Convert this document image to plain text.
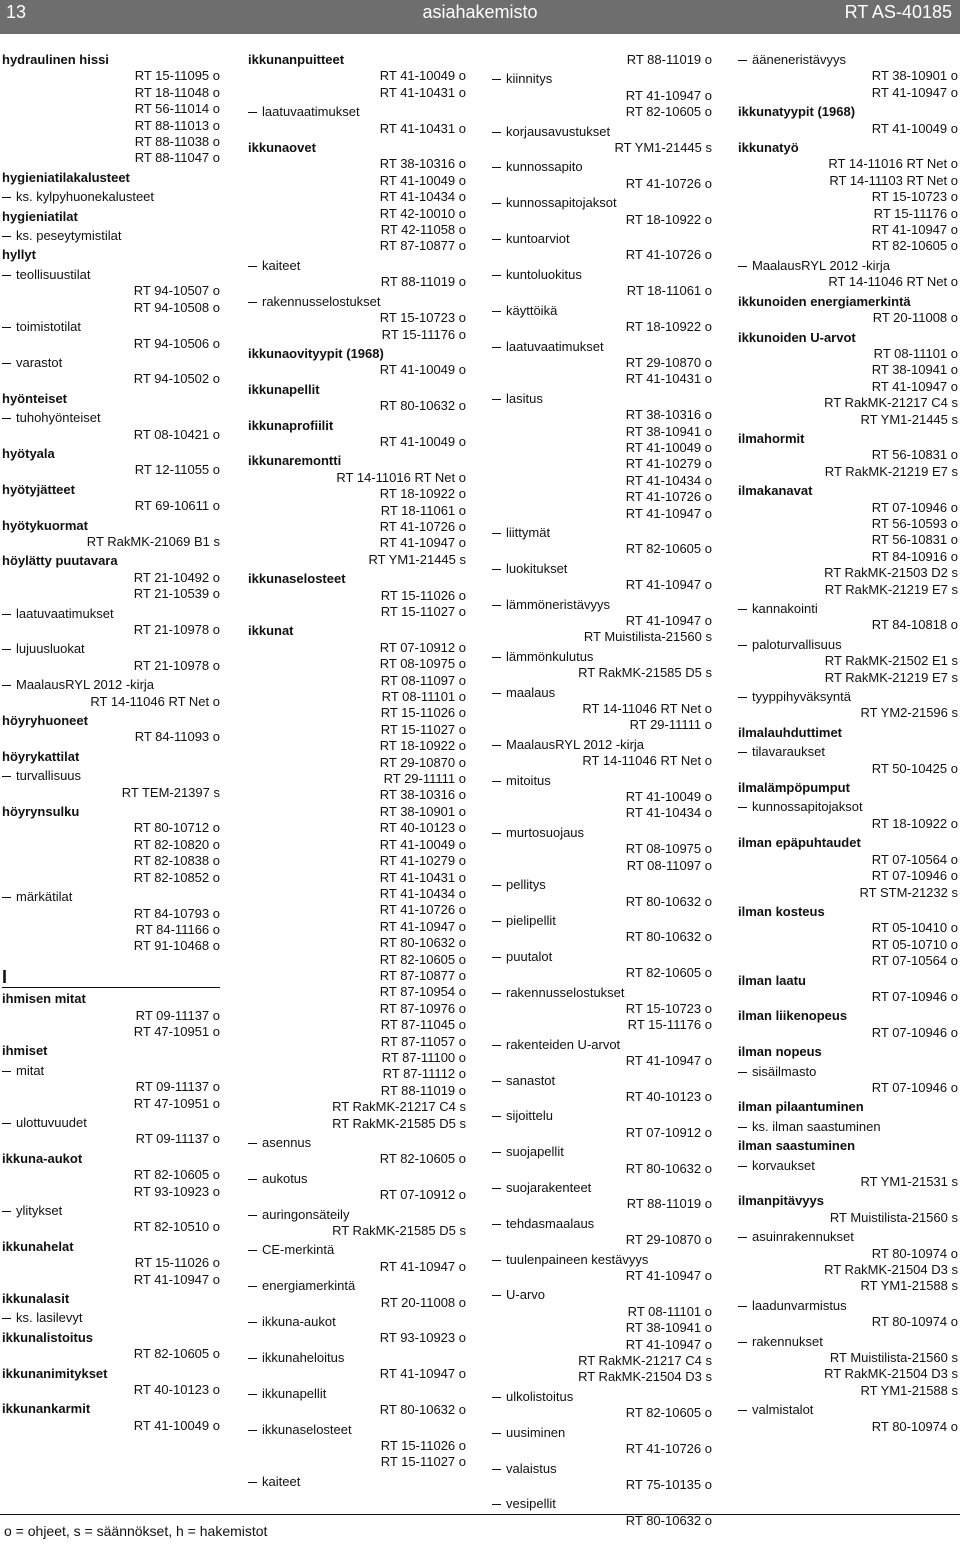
13	asiahakemisto	RT AS-40185
hydraulinen hissi
RT 15-11095 o
RT 18-11048 o
RT 56-11014 o
RT 88-11013 o
RT 88-11038 o
RT 88-11047 o
hygieniatilakalusteet
ks. kylpyhuonekalusteet
hygieniatilat
ks. peseytymistilat
hyllyt
teollisuustilat
RT 94-10507 o
RT 94-10508 o
toimistotilat
RT 94-10506 o
varastot
RT 94-10502 o
hyönteiset
tuhohyönteiset
RT 08-10421 o
hyötyala
RT 12-11055 o
hyötyjätteet
RT 69-10611 o
hyötykuormat
RT RakMK-21069 B1 s
höylätty puutavara
RT 21-10492 o
RT 21-10539 o
laatuvaatimukset
RT 21-10978 o
lujuusluokat
RT 21-10978 o
MaalausRYL 2012 -kirja
RT 14-11046 RT Net o
höyryhuoneet
RT 84-11093 o
höyrykattilat
turvallisuus
RT TEM-21397 s
höyrynsulku
RT 80-10712 o
RT 82-10820 o
RT 82-10838 o
RT 82-10852 o
märkätilat
RT 84-10793 o
RT 84-11166 o
RT 91-10468 o
I
ihmisen mitat
RT 09-11137 o
RT 47-10951 o
ihmiset
mitat
RT 09-11137 o
RT 47-10951 o
ulottuvuudet
RT 09-11137 o
ikkuna-aukot
RT 82-10605 o
RT 93-10923 o
ylitykset
RT 82-10510 o
ikkunahelat
RT 15-11026 o
RT 41-10947 o
ikkunalasit
ks. lasilevyt
ikkunalistoitus
RT 82-10605 o
ikkunanimitykset
RT 40-10123 o
ikkunankarmit
RT 41-10049 o
ikkunanpuitteet
RT 41-10049 o
RT 41-10431 o
laatuvaatimukset
RT 41-10431 o
ikkunaovet
RT 38-10316 o
RT 41-10049 o
RT 41-10434 o
RT 42-10010 o
RT 42-11058 o
RT 87-10877 o
kaiteet
RT 88-11019 o
rakennusselostukset
RT 15-10723 o
RT 15-11176 o
ikkunaovityypit (1968)
RT 41-10049 o
ikkunapellit
RT 80-10632 o
ikkunaprofiilit
RT 41-10049 o
ikkunaremontti
RT 14-11016 RT Net o
RT 18-10922 o
RT 18-11061 o
RT 41-10726 o
RT 41-10947 o
RT YM1-21445 s
ikkunaselosteet
RT 15-11026 o
RT 15-11027 o
ikkunat
RT 07-10912 o
RT 08-10975 o
RT 08-11097 o
RT 08-11101 o
RT 15-11026 o
RT 15-11027 o
RT 18-10922 o
RT 29-10870 o
RT 29-11111 o
RT 38-10316 o
RT 38-10901 o
RT 40-10123 o
RT 41-10049 o
RT 41-10279 o
RT 41-10431 o
RT 41-10434 o
RT 41-10726 o
RT 41-10947 o
RT 80-10632 o
RT 82-10605 o
RT 87-10877 o
RT 87-10954 o
RT 87-10976 o
RT 87-11045 o
RT 87-11057 o
RT 87-11100 o
RT 87-11112 o
RT 88-11019 o
RT RakMK-21217 C4 s
RT RakMK-21585 D5 s
asennus
RT 82-10605 o
aukotus
RT 07-10912 o
auringonsäteily
RT RakMK-21585 D5 s
CE-merkintä
RT 41-10947 o
energiamerkintä
RT 20-11008 o
ikkuna-aukot
RT 93-10923 o
ikkunaheloitus
RT 41-10947 o
ikkunapellit
RT 80-10632 o
ikkunaselosteet
RT 15-11026 o
RT 15-11027 o
kaiteet
RT 88-11019 o
kiinnitys
RT 41-10947 o
RT 82-10605 o
korjausavustukset
RT YM1-21445 s
kunnossapito
RT 41-10726 o
kunnossapitojaksot
RT 18-10922 o
kuntoarviot
RT 41-10726 o
kuntoluokitus
RT 18-11061 o
käyttöikä
RT 18-10922 o
laatuvaatimukset
RT 29-10870 o
RT 41-10431 o
lasitus
RT 38-10316 o
RT 38-10941 o
RT 41-10049 o
RT 41-10279 o
RT 41-10434 o
RT 41-10726 o
RT 41-10947 o
liittymät
RT 82-10605 o
luokitukset
RT 41-10947 o
lämmöneristävyys
RT 41-10947 o
RT Muistilista-21560 s
lämmönkulutus
RT RakMK-21585 D5 s
maalaus
RT 14-11046 RT Net o
RT 29-11111 o
MaalausRYL 2012 -kirja
RT 14-11046 RT Net o
mitoitus
RT 41-10049 o
RT 41-10434 o
murtosuojaus
RT 08-10975 o
RT 08-11097 o
pellitys
RT 80-10632 o
pielipellit
RT 80-10632 o
puutalot
RT 82-10605 o
rakennusselostukset
RT 15-10723 o
RT 15-11176 o
rakenteiden U-arvot
RT 41-10947 o
sanastot
RT 40-10123 o
sijoittelu
RT 07-10912 o
suojapellit
RT 80-10632 o
suojarakenteet
RT 88-11019 o
tehdasmaalaus
RT 29-10870 o
tuulenpaineen kestävyys
RT 41-10947 o
U-arvo
RT 08-11101 o
RT 38-10941 o
RT 41-10947 o
RT RakMK-21217 C4 s
RT RakMK-21504 D3 s
ulkolistoitus
RT 82-10605 o
uusiminen
RT 41-10726 o
valaistus
RT 75-10135 o
vesipellit
RT 80-10632 o
ääneneristävyys
RT 38-10901 o
RT 41-10947 o
ikkunatyypit (1968)
RT 41-10049 o
ikkunatyö
RT 14-11016 RT Net o
RT 14-11103 RT Net o
RT 15-10723 o
RT 15-11176 o
RT 41-10947 o
RT 82-10605 o
MaalausRYL 2012 -kirja
RT 14-11046 RT Net o
ikkunoiden energiamerkintä
RT 20-11008 o
ikkunoiden U-arvot
RT 08-11101 o
RT 38-10941 o
RT 41-10947 o
RT RakMK-21217 C4 s
RT YM1-21445 s
ilmahormit
RT 56-10831 o
RT RakMK-21219 E7 s
ilmakanavat
RT 07-10946 o
RT 56-10593 o
RT 56-10831 o
RT 84-10916 o
RT RakMK-21503 D2 s
RT RakMK-21219 E7 s
kannakointi
RT 84-10818 o
paloturvallisuus
RT RakMK-21502 E1 s
RT RakMK-21219 E7 s
tyyppihyväksyntä
RT YM2-21596 s
ilmalauhduttimet
tilavaraukset
RT 50-10425 o
ilmalämpöpumput
kunnossapitojaksot
RT 18-10922 o
ilman epäpuhtaudet
RT 07-10564 o
RT 07-10946 o
RT STM-21232 s
ilman kosteus
RT 05-10410 o
RT 05-10710 o
RT 07-10564 o
ilman laatu
RT 07-10946 o
ilman liikenopeus
RT 07-10946 o
ilman nopeus
sisäilmasto
RT 07-10946 o
ilman pilaantuminen
ks. ilman saastuminen
ilman saastuminen
korvaukset
RT YM1-21531 s
ilmanpitävyys
RT Muistilista-21560 s
asuinrakennukset
RT 80-10974 o
RT RakMK-21504 D3 s
RT YM1-21588 s
laadunvarmistus
RT 80-10974 o
rakennukset
RT Muistilista-21560 s
RT RakMK-21504 D3 s
RT YM1-21588 s
valmistalot
RT 80-10974 o
o = ohjeet, s = säännökset, h = hakemistot
